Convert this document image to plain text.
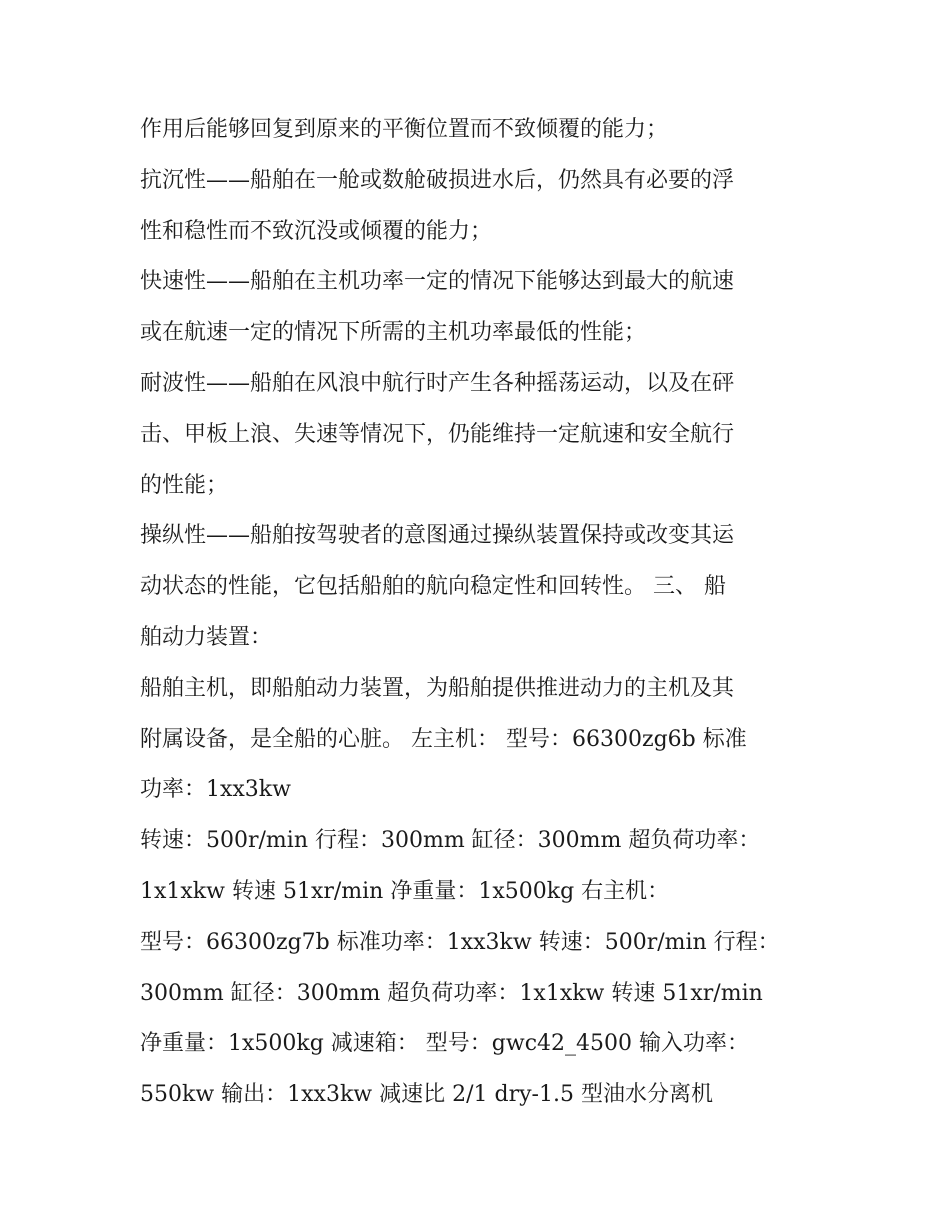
作用后能够回复到原来的平衡位置而不致倾覆的能力；
抗沉性——船舶在一舱或数舱破损进水后，仍然具有必要的浮
性和稳性而不致沉没或倾覆的能力；
快速性——船舶在主机功率一定的情况下能够达到最大的航速
或在航速一定的情况下所需的主机功率最低的性能；
耐波性——船舶在风浪中航行时产生各种摇荡运动，以及在砰
击、甲板上浪、失速等情况下，仍能维持一定航速和安全航行
的性能；
操纵性——船舶按驾驶者的意图通过操纵装置保持或改变其运
动状态的性能，它包括船舶的航向稳定性和回转性。 三、 船
舶动力装置：
船舶主机，即船舶动力装置，为船舶提供推进动力的主机及其
附属设备，是全船的心脏。 左主机： 型号：66300zg6b 标准
功率：1xx3kw
转速：500r/min 行程：300mm 缸径：300mm 超负荷功率：
1x1xkw 转速 51xr/min 净重量：1x500kg 右主机：
型号：66300zg7b 标准功率：1xx3kw 转速：500r/min 行程：
300mm 缸径：300mm 超负荷功率：1x1xkw 转速 51xr/min
净重量：1x500kg 减速箱： 型号：gwc42_4500 输入功率：
550kw 输出：1xx3kw 减速比 2/1 dry-1.5 型油水分离机
